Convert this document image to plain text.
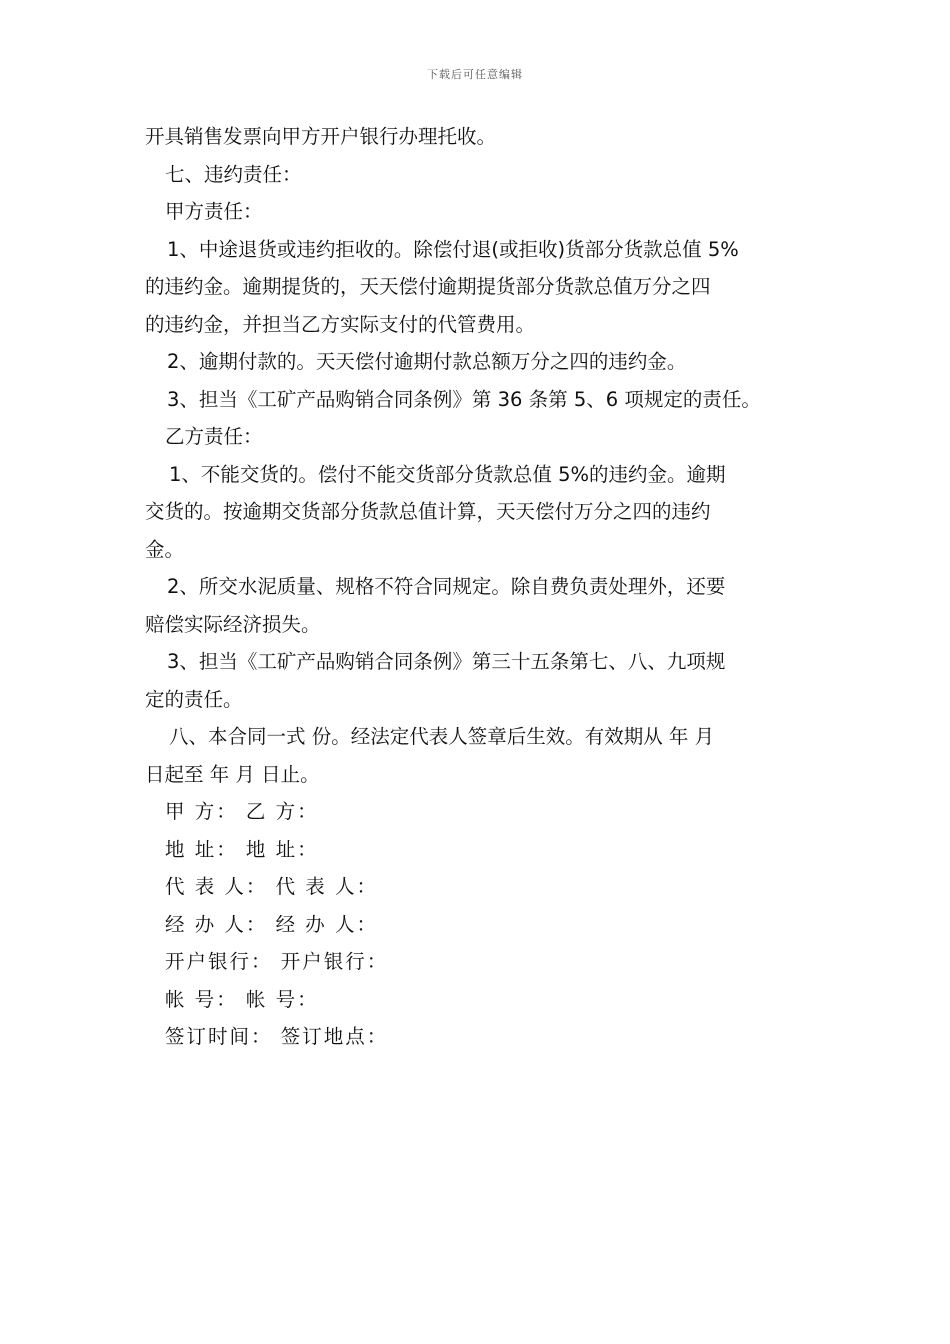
下载后可任意编辑
开具销售发票向甲方开户银行办理托收。
七、违约责任：
甲方责任：
1、中途退货或违约拒收的。除偿付退(或拒收)货部分货款总值 5%
的违约金。逾期提货的，天天偿付逾期提货部分货款总值万分之四
的违约金，并担当乙方实际支付的代管费用。
2、逾期付款的。天天偿付逾期付款总额万分之四的违约金。
3、担当《工矿产品购销合同条例》第 36 条第 5、6 项规定的责任。
乙方责任：
1、不能交货的。偿付不能交货部分货款总值 5%的违约金。逾期
交货的。按逾期交货部分货款总值计算，天天偿付万分之四的违约
金。
2、所交水泥质量、规格不符合同规定。除自费负责处理外，还要
赔偿实际经济损失。
3、担当《工矿产品购销合同条例》第三十五条第七、八、九项规
定的责任。
八、本合同一式 份。经法定代表人签章后生效。有效期从 年 月
日起至 年 月 日止。
甲 方： 乙 方：
地 址： 地 址：
代 表 人： 代 表 人：
经 办 人： 经 办 人：
开户银行： 开户银行：
帐 号： 帐 号：
签订时间： 签订地点：
